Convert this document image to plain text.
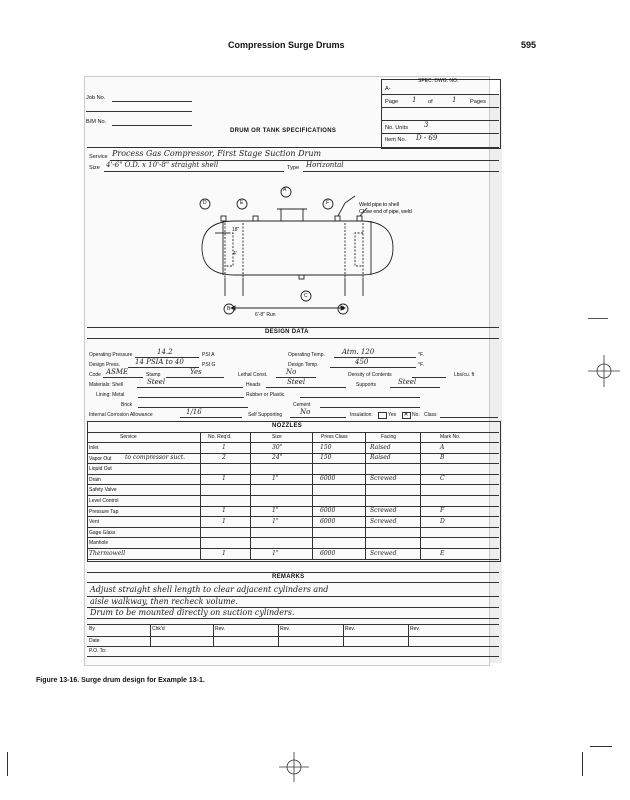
Compression Surge Drums	595
SPEC. DWG. NO.
A-
Page 1 of	1 Pages
No. Units 3
Item No. D - 69
Job No.
B/M No.
DRUM OR TANK SPECIFICATIONS
Service Process Gas Compressor, First Stage Suction Drum
Size 4'-6" O.D. x 10'-8" straight shell	Type Horizontal
A
D	E	F
C
B	B
18"
4'
6'-8" Run
Weld pipe to shell
Close end of pipe, weld
DESIGN DATA
Operating Pressure	14.2	PSI A	Operating Temp. Atm. 120	°F.
Design Press. 14 PSIA to 40	PSI G	Design Temp.	450	°F.
Code ASME	Stamp	Yes	Lethal Const.	No	Density of Contents	Lbs/cu. ft
Materials: Shell	Steel	Heads	Steel	Supports	Steel
Lining: Metal	Rubber or Plastic
Brick	Cement
Internal Corrosion Allowance	1/16	Self Supporting	No	Insulation:	Yes ✕ No. Class
NOZZLES
Service	No. Req'd.	Size	Press Class	Facing	Mark No.
Inlet	1	30"	150	Raised	A
Vapor Out to compressor suct.	2	24"	150	Raised	B
Liquid Out
Drain	1	1"	6000	Screwed	C
Safety Valve
Level Control
Pressure Tap	1	1"	6000	Screwed	F
Vent	1	1"	6000	Screwed	D
Gage Glass
Manhole
Thermowell	1	1"	6000	Screwed	E
REMARKS
Adjust straight shell length to clear adjacent cylinders and
aisle walkway, then recheck volume.
Drum to be mounted directly on suction cylinders.
By	Chk'd	Rev.	Rev.	Rev.	Rev.
Date
P.O. To:
Figure 13-16. Surge drum design for Example 13-1.
